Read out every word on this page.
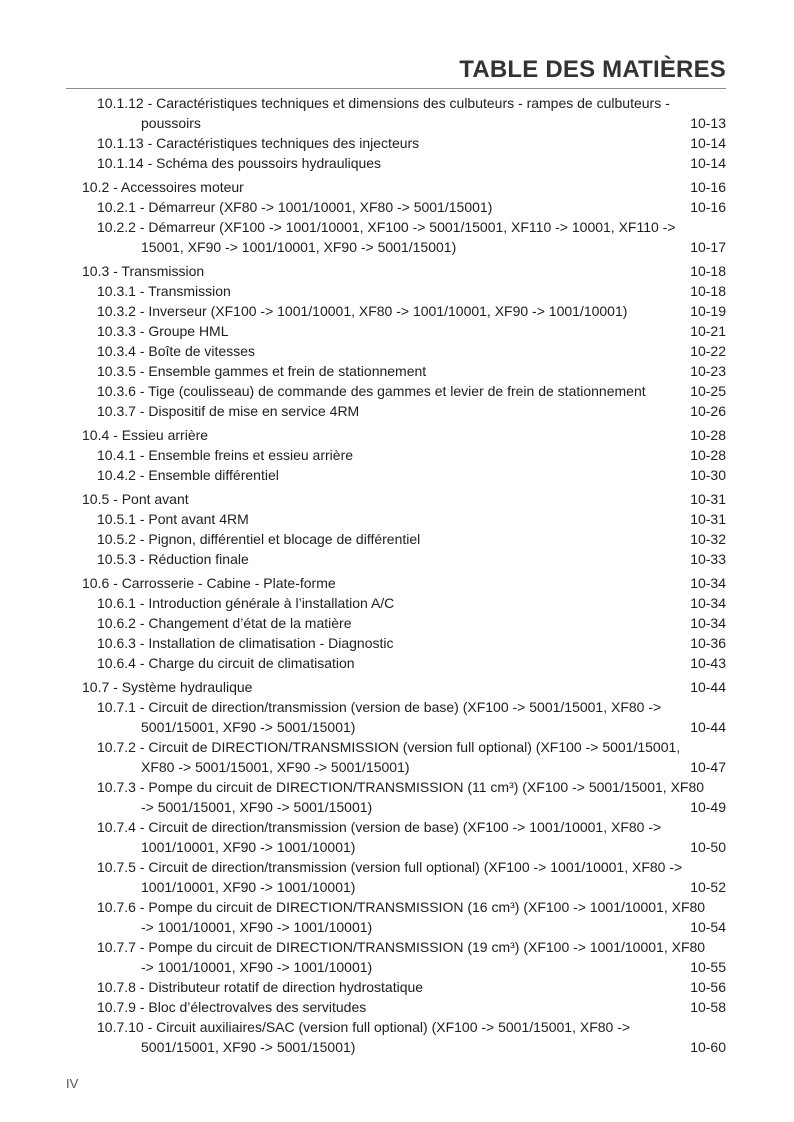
TABLE DES MATIÈRES
10.1.12 - Caractéristiques techniques et dimensions des culbuteurs - rampes de culbuteurs -
poussoirs	10-13
10.1.13 - Caractéristiques techniques des injecteurs	10-14
10.1.14 - Schéma des poussoirs hydrauliques	10-14
10.2 - Accessoires moteur	10-16
10.2.1 - Démarreur (XF80 -> 1001/10001, XF80 -> 5001/15001)	10-16
10.2.2 - Démarreur (XF100 -> 1001/10001, XF100 -> 5001/15001, XF110 -> 10001, XF110 ->
15001, XF90 -> 1001/10001, XF90 -> 5001/15001)	10-17
10.3 - Transmission	10-18
10.3.1 - Transmission	10-18
10.3.2 - Inverseur (XF100 -> 1001/10001, XF80 -> 1001/10001, XF90 -> 1001/10001)	10-19
10.3.3 - Groupe HML	10-21
10.3.4 - Boîte de vitesses	10-22
10.3.5 - Ensemble gammes et frein de stationnement	10-23
10.3.6 - Tige (coulisseau) de commande des gammes et levier de frein de stationnement	10-25
10.3.7 - Dispositif de mise en service 4RM	10-26
10.4 - Essieu arrière	10-28
10.4.1 - Ensemble freins et essieu arrière	10-28
10.4.2 - Ensemble différentiel	10-30
10.5 - Pont avant	10-31
10.5.1 - Pont avant 4RM	10-31
10.5.2 - Pignon, différentiel et blocage de différentiel	10-32
10.5.3 - Réduction finale	10-33
10.6 - Carrosserie - Cabine - Plate-forme	10-34
10.6.1 - Introduction générale à l’installation A/C	10-34
10.6.2 - Changement d’état de la matière	10-34
10.6.3 - Installation de climatisation - Diagnostic	10-36
10.6.4 - Charge du circuit de climatisation	10-43
10.7 - Système hydraulique	10-44
10.7.1 - Circuit de direction/transmission (version de base) (XF100 -> 5001/15001, XF80 ->
5001/15001, XF90 -> 5001/15001)	10-44
10.7.2 - Circuit de DIRECTION/TRANSMISSION (version full optional) (XF100 -> 5001/15001,
XF80 -> 5001/15001, XF90 -> 5001/15001)	10-47
10.7.3 - Pompe du circuit de DIRECTION/TRANSMISSION (11 cm³) (XF100 -> 5001/15001, XF80
-> 5001/15001, XF90 -> 5001/15001)	10-49
10.7.4 - Circuit de direction/transmission (version de base) (XF100 -> 1001/10001, XF80 ->
1001/10001, XF90 -> 1001/10001)	10-50
10.7.5 - Circuit de direction/transmission (version full optional) (XF100 -> 1001/10001, XF80 ->
1001/10001, XF90 -> 1001/10001)	10-52
10.7.6 - Pompe du circuit de DIRECTION/TRANSMISSION (16 cm³) (XF100 -> 1001/10001, XF80
-> 1001/10001, XF90 -> 1001/10001)	10-54
10.7.7 - Pompe du circuit de DIRECTION/TRANSMISSION (19 cm³) (XF100 -> 1001/10001, XF80
-> 1001/10001, XF90 -> 1001/10001)	10-55
10.7.8 - Distributeur rotatif de direction hydrostatique	10-56
10.7.9 - Bloc d’électrovalves des servitudes	10-58
10.7.10 - Circuit auxiliaires/SAC (version full optional) (XF100 -> 5001/15001, XF80 ->
5001/15001, XF90 -> 5001/15001)	10-60
IV
